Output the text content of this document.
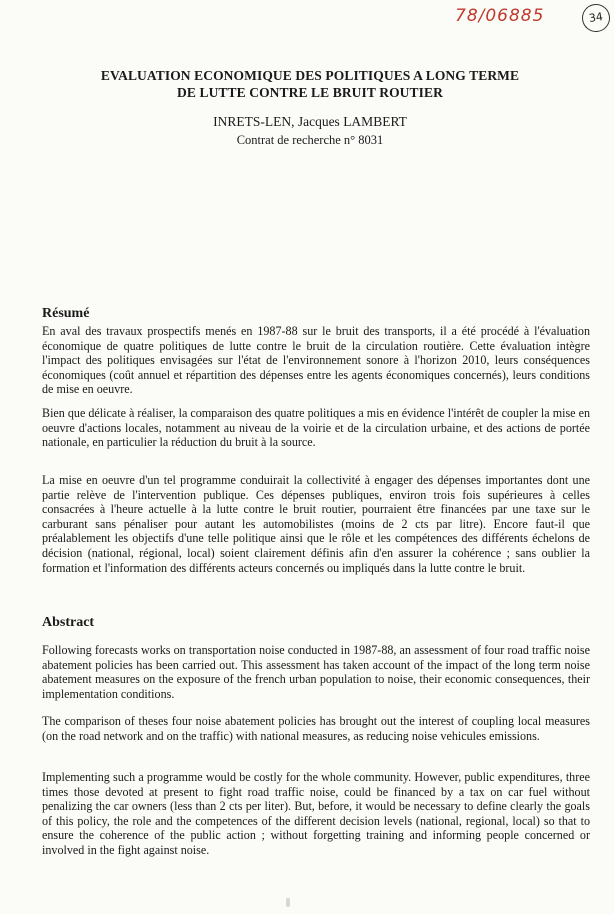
78/06885	34
EVALUATION ECONOMIQUE DES POLITIQUES A LONG TERME
DE LUTTE CONTRE LE BRUIT ROUTIER
INRETS-LEN, Jacques LAMBERT
Contrat de recherche n° 8031
Résumé

En aval des travaux prospectifs menés en 1987-88 sur le bruit des transports, il a été procédé à l'évaluation économique de quatre politiques de lutte contre le bruit de la circulation routière. Cette évaluation intègre l'impact des politiques envisagées sur l'état de l'environnement sonore à l'horizon 2010, leurs conséquences économiques (coût annuel et répartition des dépenses entre les agents économiques concernés), leurs conditions de mise en oeuvre.

Bien que délicate à réaliser, la comparaison des quatre politiques a mis en évidence l'intérêt de coupler la mise en oeuvre d'actions locales, notamment au niveau de la voirie et de la circulation urbaine, et des actions de portée nationale, en particulier la réduction du bruit à la source.

La mise en oeuvre d'un tel programme conduirait la collectivité à engager des dépenses importantes dont une partie relève de l'intervention publique. Ces dépenses publiques, environ trois fois supérieures à celles consacrées à l'heure actuelle à la lutte contre le bruit routier, pourraient être financées par une taxe sur le carburant sans pénaliser pour autant les automobilistes (moins de 2 cts par litre). Encore faut-il que préalablement les objectifs d'une telle politique ainsi que le rôle et les compétences des différents échelons de décision (national, régional, local) soient clairement définis afin d'en assurer la cohérence ; sans oublier la formation et l'information des différents acteurs concernés ou impliqués dans la lutte contre le bruit.

Abstract

Following forecasts works on transportation noise conducted in 1987-88, an assessment of four road traffic noise abatement policies has been carried out. This assessment has taken account of the impact of the long term noise abatement measures on the exposure of the french urban population to noise, their economic consequences, their implementation conditions.

The comparison of theses four noise abatement policies has brought out the interest of coupling local measures (on the road network and on the traffic) with national measures, as reducing noise vehicules emissions.

Implementing such a programme would be costly for the whole community. However, public expenditures, three times those devoted at present to fight road traffic noise, could be financed by a tax on car fuel without penalizing the car owners (less than 2 cts per liter). But, before, it would be necessary to define clearly the goals of this policy, the role and the competences of the different decision levels (national, regional, local) so that to ensure the coherence of the public action ; without forgetting training and informing people concerned or involved in the fight against noise.
